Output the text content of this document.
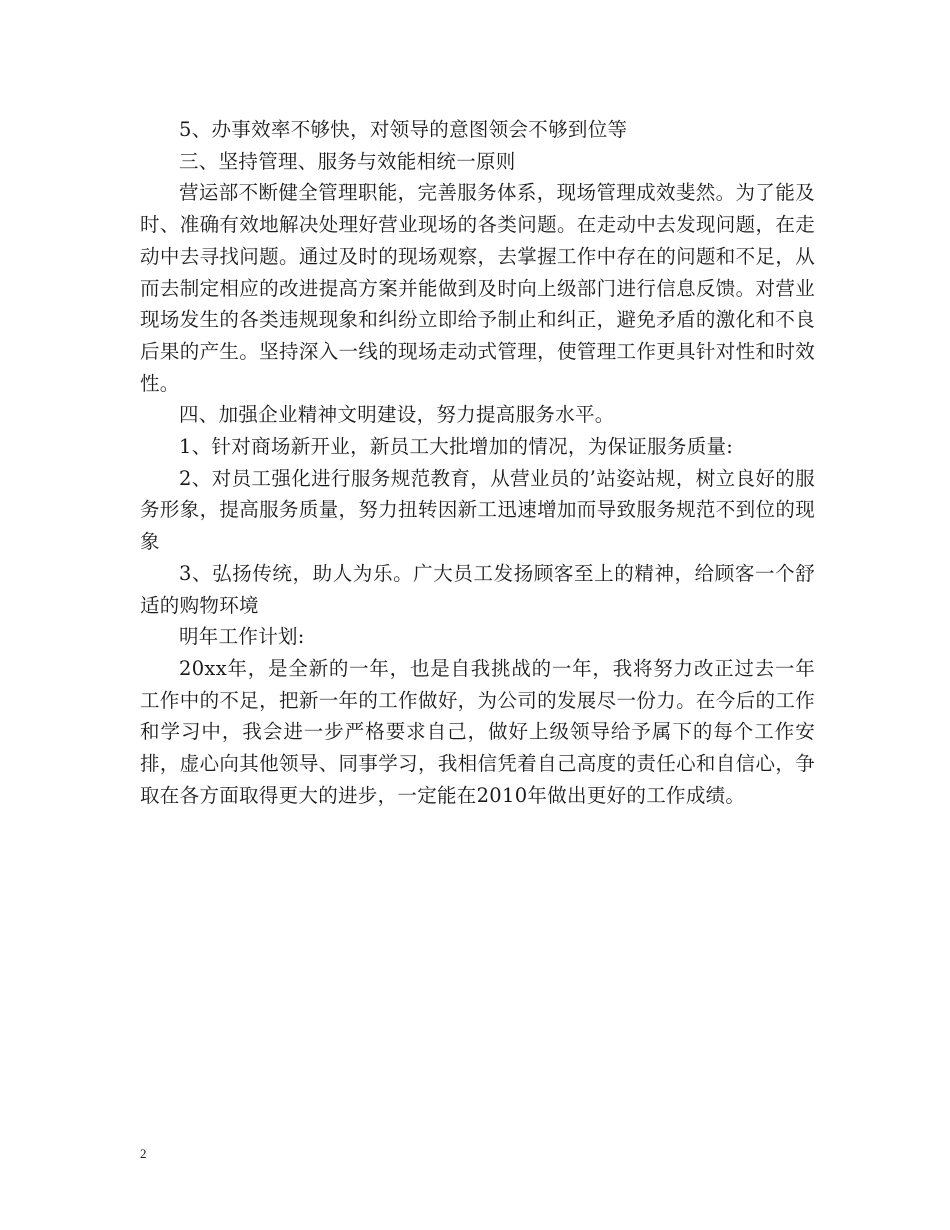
5、办事效率不够快，对领导的意图领会不够到位等

三、坚持管理、服务与效能相统一原则

营运部不断健全管理职能，完善服务体系，现场管理成效斐然。为了能及时、准确有效地解决处理好营业现场的各类问题。在走动中去发现问题，在走动中去寻找问题。通过及时的现场观察，去掌握工作中存在的问题和不足，从而去制定相应的改进提高方案并能做到及时向上级部门进行信息反馈。对营业现场发生的各类违规现象和纠纷立即给予制止和纠正，避免矛盾的激化和不良后果的产生。坚持深入一线的现场走动式管理，使管理工作更具针对性和时效性。

四、加强企业精神文明建设，努力提高服务水平。

1、针对商场新开业，新员工大批增加的情况，为保证服务质量:

2、对员工强化进行服务规范教育，从营业员的’站姿站规，树立良好的服务形象，提高服务质量，努力扭转因新工迅速增加而导致服务规范不到位的现象

3、弘扬传统，助人为乐。广大员工发扬顾客至上的精神，给顾客一个舒适的购物环境

明年工作计划:

20xx年，是全新的一年，也是自我挑战的一年，我将努力改正过去一年工作中的不足，把新一年的工作做好，为公司的发展尽一份力。在今后的工作和学习中，我会进一步严格要求自己，做好上级领导给予属下的每个工作安排，虚心向其他领导、同事学习，我相信凭着自己高度的责任心和自信心，争取在各方面取得更大的进步，一定能在2010年做出更好的工作成绩。

2
